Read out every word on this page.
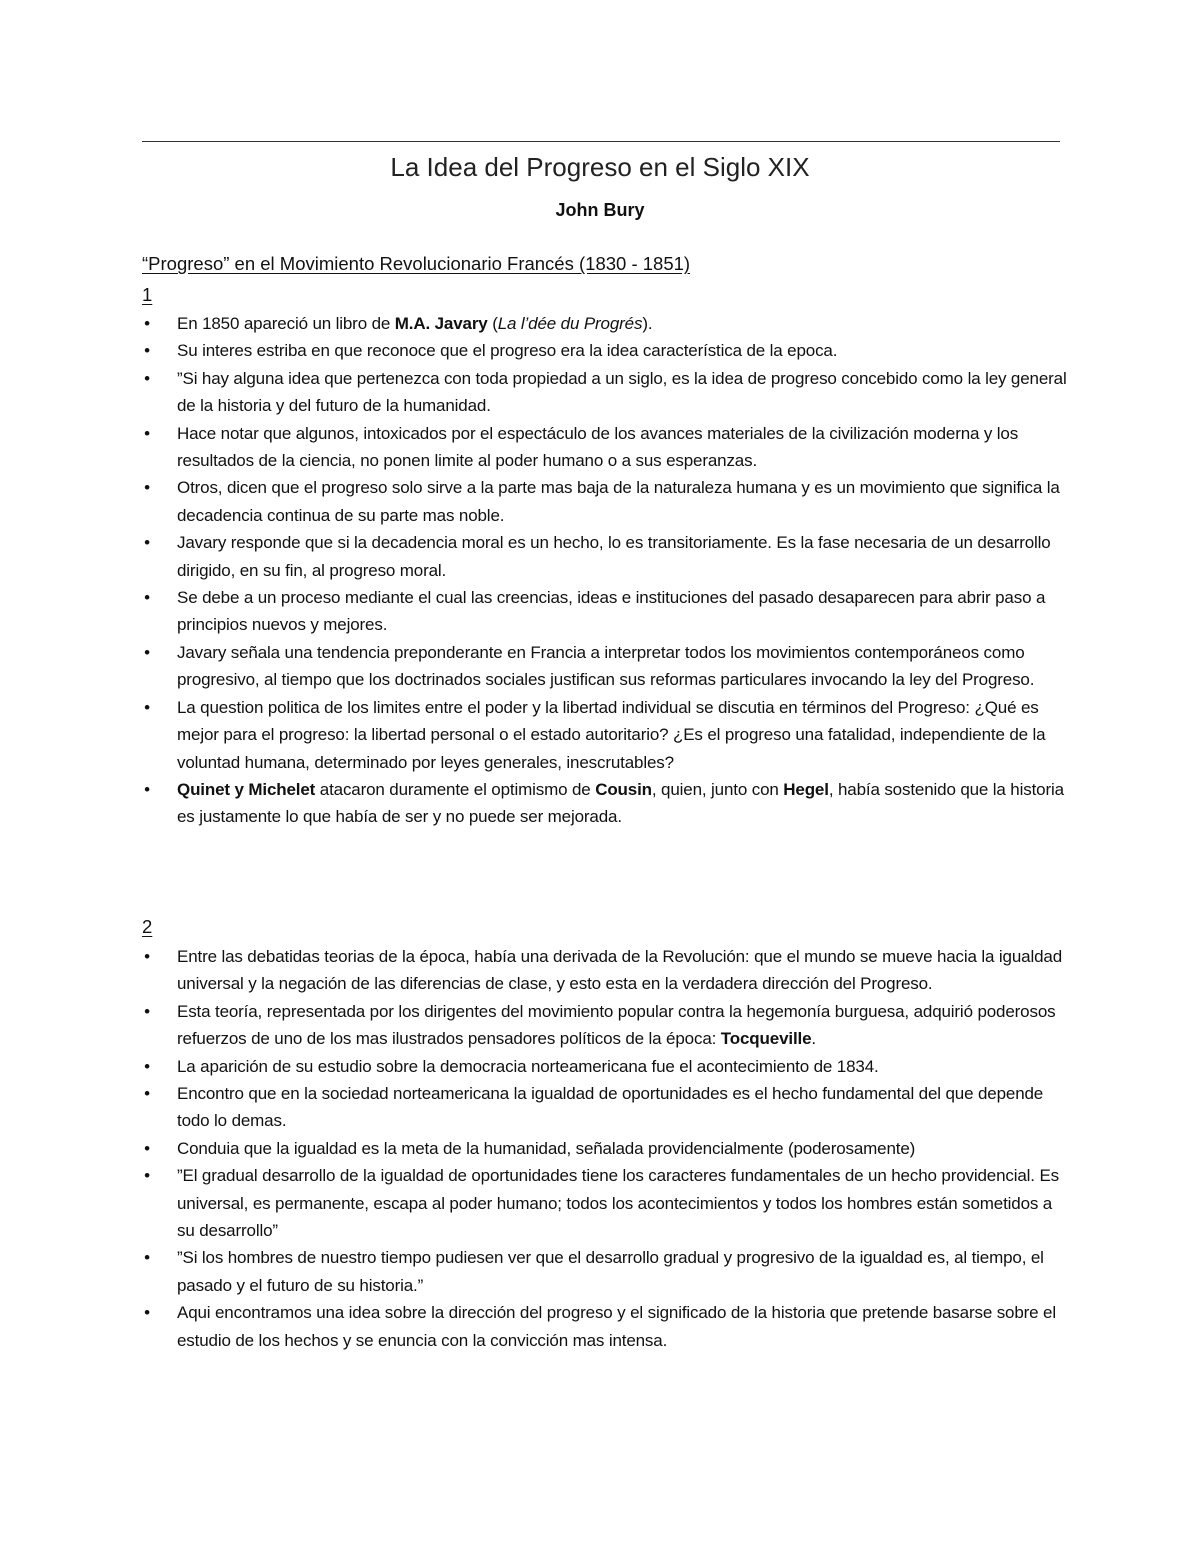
La Idea del Progreso en el Siglo XIX
John Bury
“Progreso” en el Movimiento Revolucionario Francés (1830 - 1851)
1
• En 1850 apareció un libro de M.A. Javary (La l’dée du Progrés).
• Su interes estriba en que reconoce que el progreso era la idea característica de la epoca.
• ”Si hay alguna idea que pertenezca con toda propiedad a un siglo, es la idea de progreso concebido como la ley general de la historia y del futuro de la humanidad.
• Hace notar que algunos, intoxicados por el espectáculo de los avances materiales de la civilización moderna y los resultados de la ciencia, no ponen limite al poder humano o a sus esperanzas.
• Otros, dicen que el progreso solo sirve a la parte mas baja de la naturaleza humana y es un movimiento que significa la decadencia continua de su parte mas noble.
• Javary responde que si la decadencia moral es un hecho, lo es transitoriamente. Es la fase necesaria de un desarrollo dirigido, en su fin, al progreso moral.
• Se debe a un proceso mediante el cual las creencias, ideas e instituciones del pasado desaparecen para abrir paso a principios nuevos y mejores.
• Javary señala una tendencia preponderante en Francia a interpretar todos los movimientos contemporáneos como progresivo, al tiempo que los doctrinados sociales justifican sus reformas particulares invocando la ley del Progreso.
• La question politica de los limites entre el poder y la libertad individual se discutia en términos del Progreso: ¿Qué es mejor para el progreso: la libertad personal o el estado autoritario? ¿Es el progreso una fatalidad, independiente de la voluntad humana, determinado por leyes generales, inescrutables?
• Quinet y Michelet atacaron duramente el optimismo de Cousin, quien, junto con Hegel, había sostenido que la historia es justamente lo que había de ser y no puede ser mejorada.
2
• Entre las debatidas teorias de la época, había una derivada de la Revolución: que el mundo se mueve hacia la igualdad universal y la negación de las diferencias de clase, y esto esta en la verdadera dirección del Progreso.
• Esta teoría, representada por los dirigentes del movimiento popular contra la hegemonía burguesa, adquirió poderosos refuerzos de uno de los mas ilustrados pensadores políticos de la época: Tocqueville.
• La aparición de su estudio sobre la democracia norteamericana fue el acontecimiento de 1834.
• Encontro que en la sociedad norteamericana la igualdad de oportunidades es el hecho fundamental del que depende todo lo demas.
• Conduia que la igualdad es la meta de la humanidad, señalada providencialmente (poderosamente)
• ”El gradual desarrollo de la igualdad de oportunidades tiene los caracteres fundamentales de un hecho providencial. Es universal, es permanente, escapa al poder humano; todos los acontecimientos y todos los hombres están sometidos a su desarrollo”
• ”Si los hombres de nuestro tiempo pudiesen ver que el desarrollo gradual y progresivo de la igualdad es, al tiempo, el pasado y el futuro de su historia.”
• Aqui encontramos una idea sobre la dirección del progreso y el significado de la historia que pretende basarse sobre el estudio de los hechos y se enuncia con la convicción mas intensa.
